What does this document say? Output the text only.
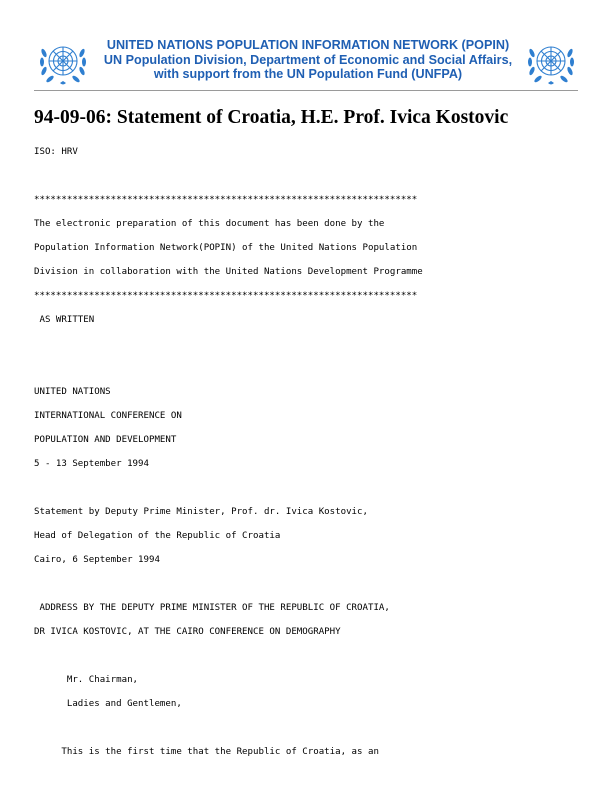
UNITED NATIONS POPULATION INFORMATION NETWORK (POPIN)
UN Population Division, Department of Economic and Social Affairs,
with support from the UN Population Fund (UNFPA)
94-09-06: Statement of Croatia, H.E. Prof. Ivica Kostovic
ISO: HRV
**********************************************************************
The electronic preparation of this document has been done by the
Population Information Network(POPIN) of the United Nations Population
Division in collaboration with the United Nations Development Programme
**********************************************************************
AS WRITTEN
UNITED NATIONS
INTERNATIONAL CONFERENCE ON
POPULATION AND DEVELOPMENT
5 - 13 September 1994
Statement by Deputy Prime Minister, Prof. dr. Ivica Kostovic,
Head of Delegation of the Republic of Croatia
Cairo, 6 September 1994
ADDRESS BY THE DEPUTY PRIME MINISTER OF THE REPUBLIC OF CROATIA,
DR IVICA KOSTOVIC, AT THE CAIRO CONFERENCE ON DEMOGRAPHY
Mr. Chairman,
Ladies and Gentlemen,
This is the first time that the Republic of Croatia, as an
